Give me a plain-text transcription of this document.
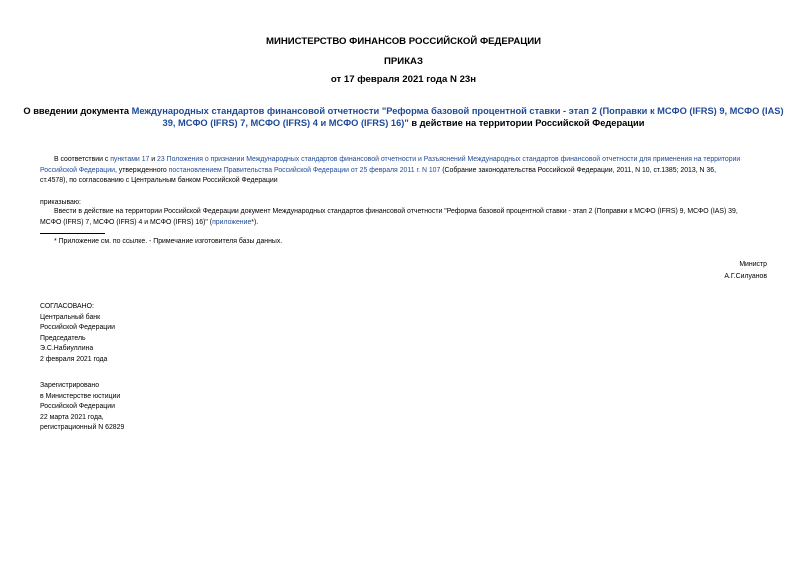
МИНИСТЕРСТВО ФИНАНСОВ РОССИЙСКОЙ ФЕДЕРАЦИИ
ПРИКАЗ
от 17 февраля 2021 года N 23н
О введении документа Международных стандартов финансовой отчетности "Реформа базовой процентной ставки - этап 2 (Поправки к МСФО (IFRS) 9, МСФО (IAS)
39, МСФО (IFRS) 7, МСФО (IFRS) 4 и МСФО (IFRS) 16)" в действие на территории Российской Федерации
В соответствии с пунктами 17 и 23 Положения о признании Международных стандартов финансовой отчетности и Разъяснений Международных стандартов финансовой отчетности для применения на территории
Российской Федерации, утвержденного постановлением Правительства Российской Федерации от 25 февраля 2011 г. N 107 (Собрание законодательства Российской Федерации, 2011, N 10, ст.1385; 2013, N 36,
ст.4578), по согласованию с Центральным банком Российской Федерации
приказываю:
Ввести в действие на территории Российской Федерации документ Международных стандартов финансовой отчетности "Реформа базовой процентной ставки - этап 2 (Поправки к МСФО (IFRS) 9, МСФО (IAS) 39,
МСФО (IFRS) 7, МСФО (IFRS) 4 и МСФО (IFRS) 16)" (приложение*).
* Приложение см. по ссылке. - Примечание изготовителя базы данных.
Министр
А.Г.Силуанов
СОГЛАСОВАНО:
Центральный банк
Российской Федерации
Председатель
Э.С.Набиуллина
2 февраля 2021 года
Зарегистрировано
в Министерстве юстиции
Российской Федерации
22 марта 2021 года,
регистрационный N 62829
